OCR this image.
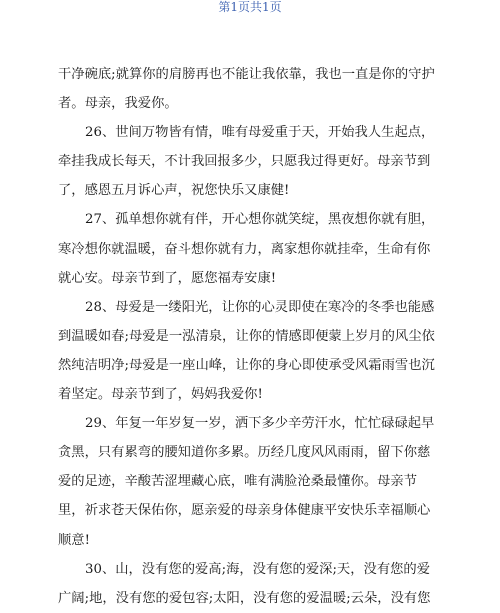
第1页共1页
干净碗底;就算你的肩膀再也不能让我依靠，我也一直是你的守护
者。母亲，我爱你。
26、世间万物皆有情，唯有母爱重于天，开始我人生起点，
牵挂我成长每天，不计我回报多少，只愿我过得更好。母亲节到
了，感恩五月诉心声，祝您快乐又康健!
27、孤单想你就有伴，开心想你就笑绽，黑夜想你就有胆，
寒冷想你就温暖，奋斗想你就有力，离家想你就挂牵，生命有你
就心安。母亲节到了，愿您福寿安康!
28、母爱是一缕阳光，让你的心灵即使在寒冷的冬季也能感
到温暖如春;母爱是一泓清泉，让你的情感即便蒙上岁月的风尘依
然纯洁明净;母爱是一座山峰，让你的身心即使承受风霜雨雪也沉
着坚定。母亲节到了，妈妈我爱你!
29、年复一年岁复一岁，洒下多少辛劳汗水，忙忙碌碌起早
贪黑，只有累弯的腰知道你多累。历经几度风风雨雨，留下你慈
爱的足迹，辛酸苦涩埋藏心底，唯有满脸沧桑最懂你。母亲节
里，祈求苍天保佑你，愿亲爱的母亲身体健康平安快乐幸福顺心
顺意!
30、山，没有您的爱高;海，没有您的爱深;天，没有您的爱
广阔;地，没有您的爱包容;太阳，没有您的爱温暖;云朵，没有您
